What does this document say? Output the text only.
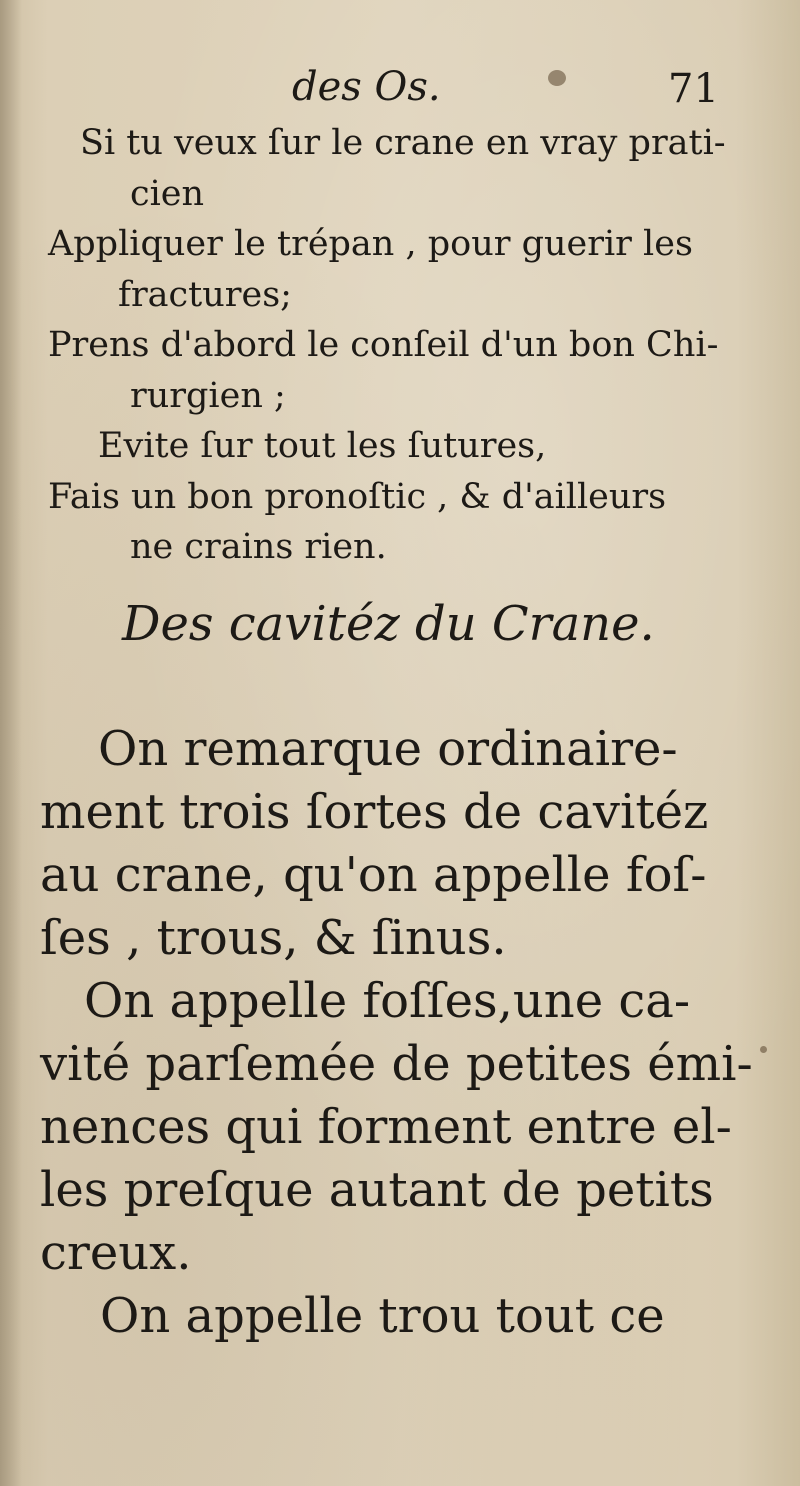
des Os.	71
Si tu veux ſur le crane en vray prati-
cien
Appliquer le trépan , pour guerir les
fractures;
Prens d'abord le conſeil d'un bon Chi-
rurgien ;
Evite ſur tout les ſutures,
Fais un bon pronoſtic , & d'ailleurs
ne crains rien.
Des cavitéz du Crane.
On remarque ordinaire-
ment trois ſortes de cavitéz
au crane, qu'on appelle foſ-
ſes , trous, & ſinus.
On appelle foſſes,une ca-
vité parſemée de petites émi-
nences qui forment entre el-
les preſque autant de petits
creux.
On appelle trou tout ce
